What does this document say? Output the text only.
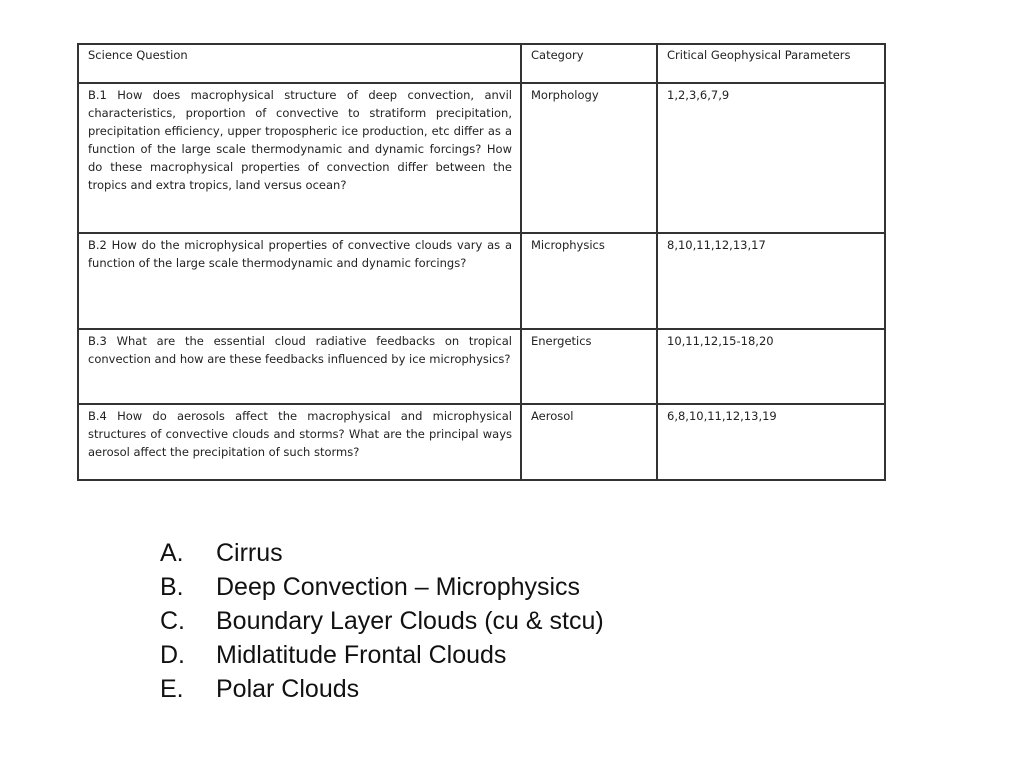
Science Question	Category	Critical Geophysical Parameters
B.1 How does macrophysical structure of deep convection, anvil characteristics, proportion of convective to stratiform precipitation, precipitation efficiency, upper tropospheric ice production, etc differ as a function of the large scale thermodynamic and dynamic forcings? How do these macrophysical properties of convection differ between the tropics and extra tropics, land versus ocean?	Morphology	1,2,3,6,7,9
B.2 How do the microphysical properties of convective clouds vary as a function of the large scale thermodynamic and dynamic forcings?	Microphysics	8,10,11,12,13,17
B.3 What are the essential cloud radiative feedbacks on tropical convection and how are these feedbacks influenced by ice microphysics?	Energetics	10,11,12,15-18,20
B.4 How do aerosols affect the macrophysical and microphysical structures of convective clouds and storms? What are the principal ways aerosol affect the precipitation of such storms?	Aerosol	6,8,10,11,12,13,19
A.	Cirrus
B.	Deep Convection – Microphysics
C.	Boundary Layer Clouds (cu & stcu)
D.	Midlatitude Frontal Clouds
E.	Polar Clouds
